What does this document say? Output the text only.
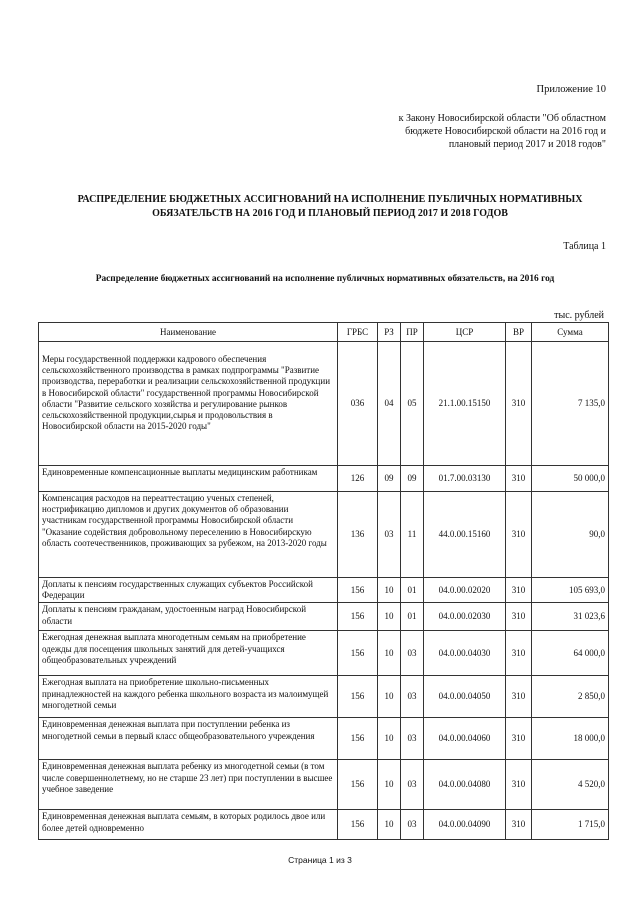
Приложение 10
к Закону Новосибирской области "Об областном
бюджете Новосибирской области на 2016 год и
плановый период 2017 и 2018 годов"
РАСПРЕДЕЛЕНИЕ БЮДЖЕТНЫХ АССИГНОВАНИЙ НА ИСПОЛНЕНИЕ ПУБЛИЧНЫХ НОРМАТИВНЫХ
ОБЯЗАТЕЛЬСТВ НА 2016 ГОД И ПЛАНОВЫЙ ПЕРИОД 2017 И 2018 ГОДОВ
Таблица 1
Распределение бюджетных ассигнований на исполнение публичных нормативных обязательств, на 2016 год
тыс. рублей
Наименование	ГРБС	РЗ	ПР	ЦСР	ВР	Сумма
Меры государственной поддержки кадрового обеспечения сельскохозяйственного производства в рамках подпрограммы "Развитие производства, переработки и реализации сельскохозяйственной продукции в Новосибирской области" государственной программы Новосибирской области "Развитие сельского хозяйства и регулирование рынков сельскохозяйственной продукции,сырья и продовольствия в Новосибирской области на 2015-2020 годы"	036	04	05	21.1.00.15150	310	7 135,0
Единовременные компенсационные выплаты медицинским работникам	126	09	09	01.7.00.03130	310	50 000,0
Компенсация расходов на переаттестацию ученых степеней, нострификацию дипломов и других документов об образовании участникам государственной программы Новосибирской области "Оказание содействия добровольному переселению в Новосибирскую область соотечественников, проживающих за рубежом, на 2013-2020 годы	136	03	11	44.0.00.15160	310	90,0
Доплаты к пенсиям государственных служащих субъектов Российской Федерации	156	10	01	04.0.00.02020	310	105 693,0
Доплаты к пенсиям гражданам, удостоенным наград Новосибирской области	156	10	01	04.0.00.02030	310	31 023,6
Ежегодная денежная выплата многодетным семьям на приобретение одежды для посещения школьных занятий для детей-учащихся общеобразовательных учреждений	156	10	03	04.0.00.04030	310	64 000,0
Ежегодная выплата на приобретение школьно-письменных принадлежностей на каждого ребенка школьного возраста из малоимущей многодетной семьи	156	10	03	04.0.00.04050	310	2 850,0
Единовременная денежная выплата при поступлении ребенка из многодетной семьи в первый класс общеобразовательного учреждения	156	10	03	04.0.00.04060	310	18 000,0
Единовременная денежная выплата ребенку из многодетной семьи (в том числе совершеннолетнему, но не старше 23 лет) при поступлении в высшее учебное заведение	156	10	03	04.0.00.04080	310	4 520,0
Единовременная денежная выплата семьям, в которых родилось двое или более детей одновременно	156	10	03	04.0.00.04090	310	1 715,0
Страница 1 из 3
